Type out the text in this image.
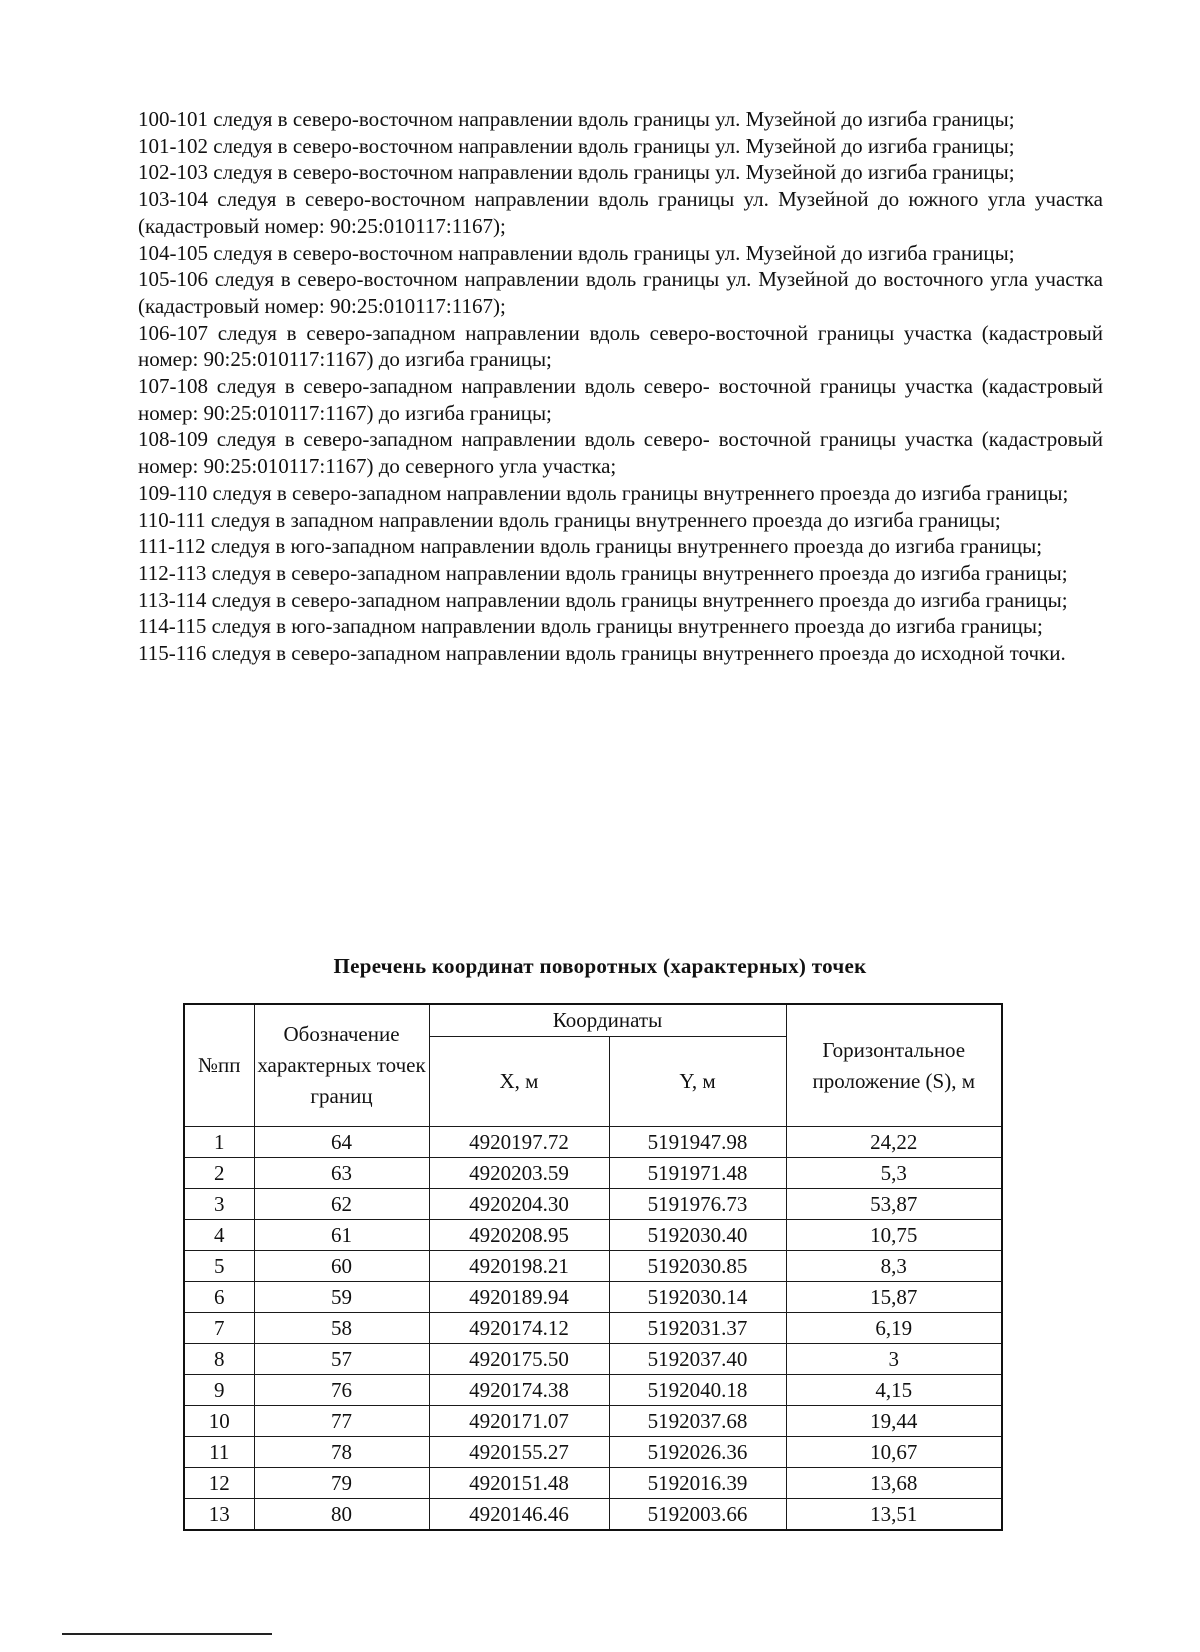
100-101 следуя в северо-восточном направлении вдоль границы ул. Музейной до изгиба границы;

101-102 следуя в северо-восточном направлении вдоль границы ул. Музейной до изгиба границы;

102-103 следуя в северо-восточном направлении вдоль границы ул. Музейной до изгиба границы;

103-104 следуя в северо-восточном направлении вдоль границы ул. Музейной до южного угла участка (кадастровый номер: 90:25:010117:1167);

104-105 следуя в северо-восточном направлении вдоль границы ул. Музейной до изгиба границы;

105-106 следуя в северо-восточном направлении вдоль границы ул. Музейной до восточного угла участка (кадастровый номер: 90:25:010117:1167);

106-107 следуя в северо-западном направлении вдоль северо-восточной границы участка (кадастровый номер: 90:25:010117:1167) до изгиба границы;

107-108 следуя в северо-западном направлении вдоль северо- восточной границы участка (кадастровый номер: 90:25:010117:1167) до изгиба границы;

108-109 следуя в северо-западном направлении вдоль северо- восточной границы участка (кадастровый номер: 90:25:010117:1167) до северного угла участка;

109-110 следуя в северо-западном направлении вдоль границы внутреннего проезда до изгиба границы;

110-111 следуя в западном направлении вдоль границы внутреннего проезда до изгиба границы;

111-112 следуя в юго-западном направлении вдоль границы внутреннего проезда до изгиба границы;

112-113 следуя в северо-западном направлении вдоль границы внутреннего проезда до изгиба границы;

113-114 следуя в северо-западном направлении вдоль границы внутреннего проезда до изгиба границы;

114-115 следуя в юго-западном направлении вдоль границы внутреннего проезда до изгиба границы;

115-116 следуя в северо-западном направлении вдоль границы внутреннего проезда до исходной точки.

Перечень координат поворотных (характерных) точек
№пп	Обозначение характерных точек границ	Координаты		Горизонтальное проложение (S), м
		X, м	Y, м	
1	64	4920197.72	5191947.98	24,22
2	63	4920203.59	5191971.48	5,3
3	62	4920204.30	5191976.73	53,87
4	61	4920208.95	5192030.40	10,75
5	60	4920198.21	5192030.85	8,3
6	59	4920189.94	5192030.14	15,87
7	58	4920174.12	5192031.37	6,19
8	57	4920175.50	5192037.40	3
9	76	4920174.38	5192040.18	4,15
10	77	4920171.07	5192037.68	19,44
11	78	4920155.27	5192026.36	10,67
12	79	4920151.48	5192016.39	13,68
13	80	4920146.46	5192003.66	13,51
